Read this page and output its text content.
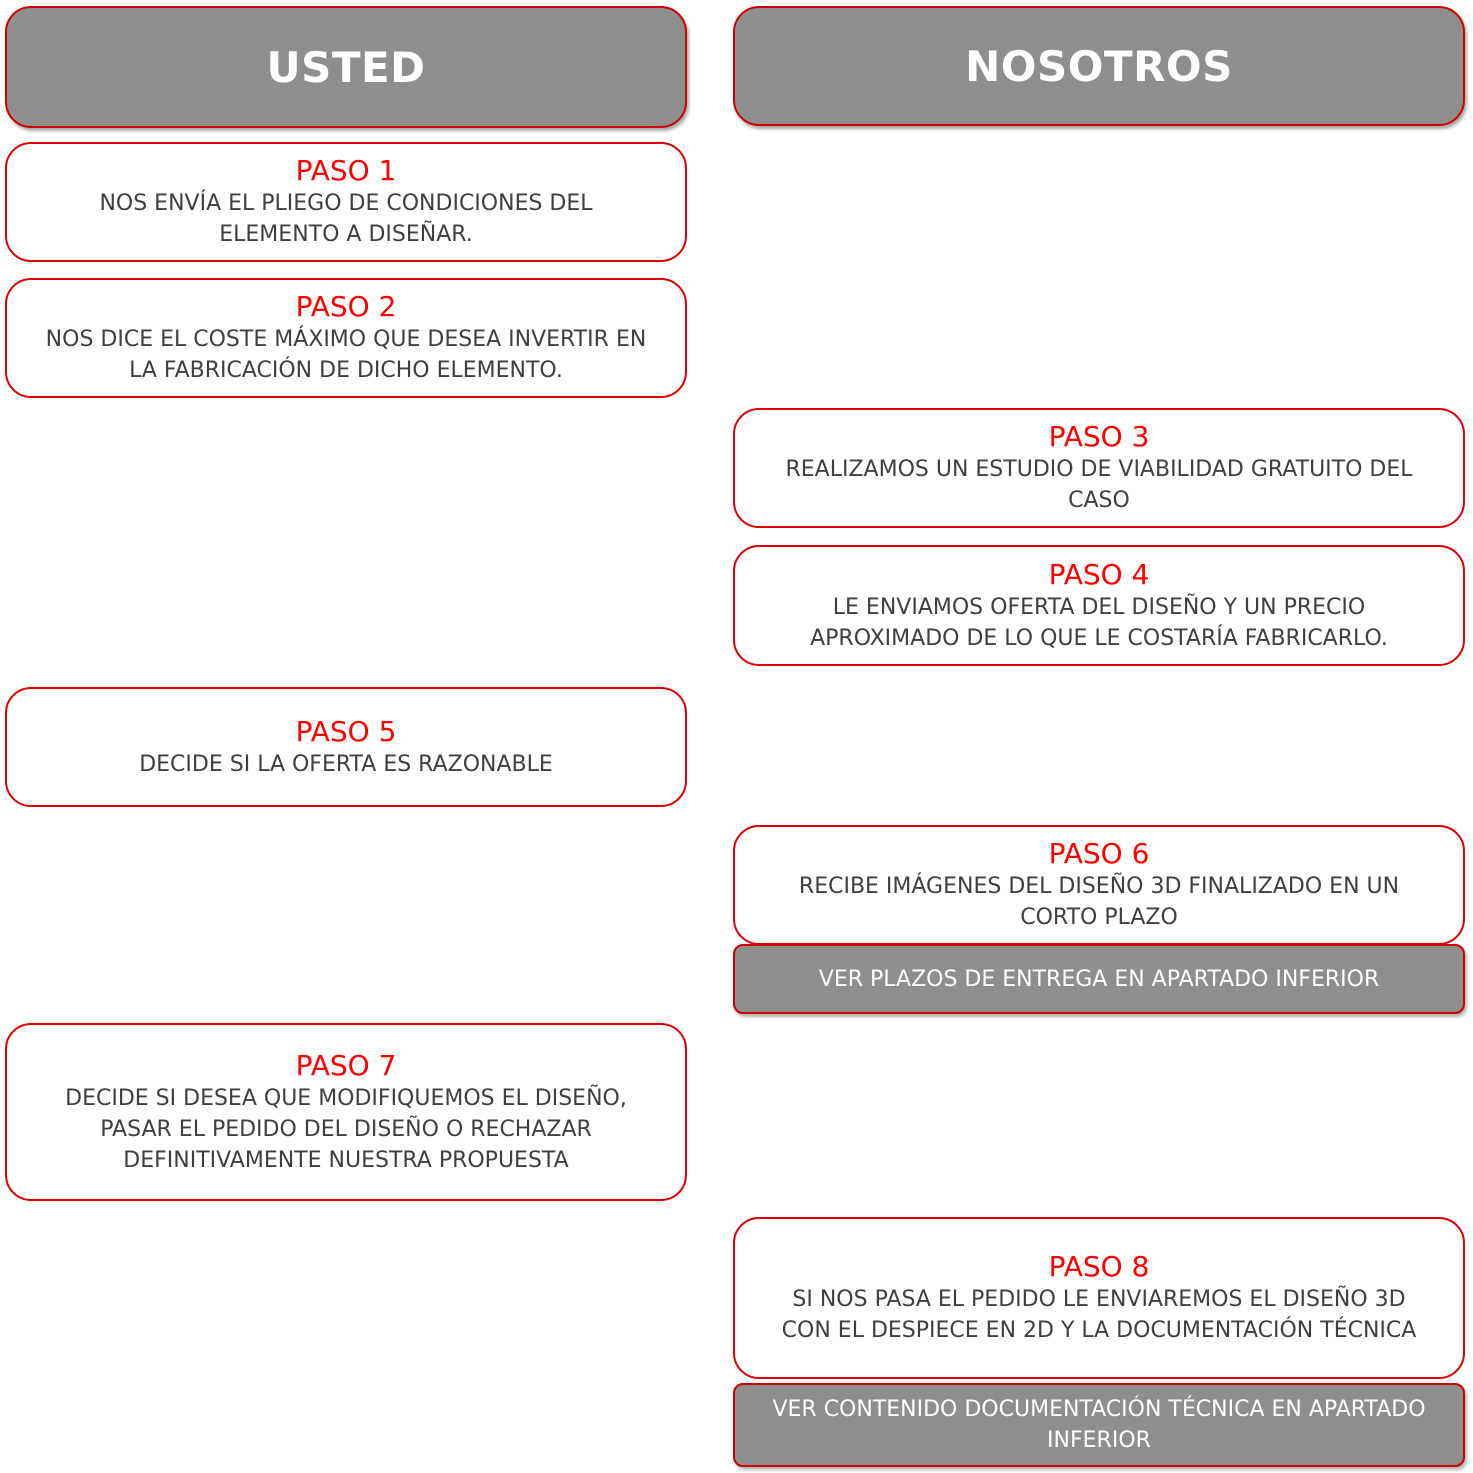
USTED	NOSOTROS
PASO 1
NOS ENVÍA EL PLIEGO DE CONDICIONES DEL
ELEMENTO A DISEÑAR.
PASO 2
NOS DICE EL COSTE MÁXIMO QUE DESEA INVERTIR EN
LA FABRICACIÓN DE DICHO ELEMENTO.
PASO 3
REALIZAMOS UN ESTUDIO DE VIABILIDAD GRATUITO DEL
CASO
PASO 4
LE ENVIAMOS OFERTA DEL DISEÑO Y UN PRECIO
APROXIMADO DE LO QUE LE COSTARÍA FABRICARLO.
PASO 5
DECIDE SI LA OFERTA ES RAZONABLE
PASO 6
RECIBE IMÁGENES DEL DISEÑO 3D FINALIZADO EN UN
CORTO PLAZO
VER PLAZOS DE ENTREGA EN APARTADO INFERIOR
PASO 7
DECIDE SI DESEA QUE MODIFIQUEMOS EL DISEÑO,
PASAR EL PEDIDO DEL DISEÑO O RECHAZAR
DEFINITIVAMENTE NUESTRA PROPUESTA
PASO 8
SI NOS PASA EL PEDIDO LE ENVIAREMOS EL DISEÑO 3D
CON EL DESPIECE EN 2D Y LA DOCUMENTACIÓN TÉCNICA
VER CONTENIDO DOCUMENTACIÓN TÉCNICA EN APARTADO
INFERIOR
